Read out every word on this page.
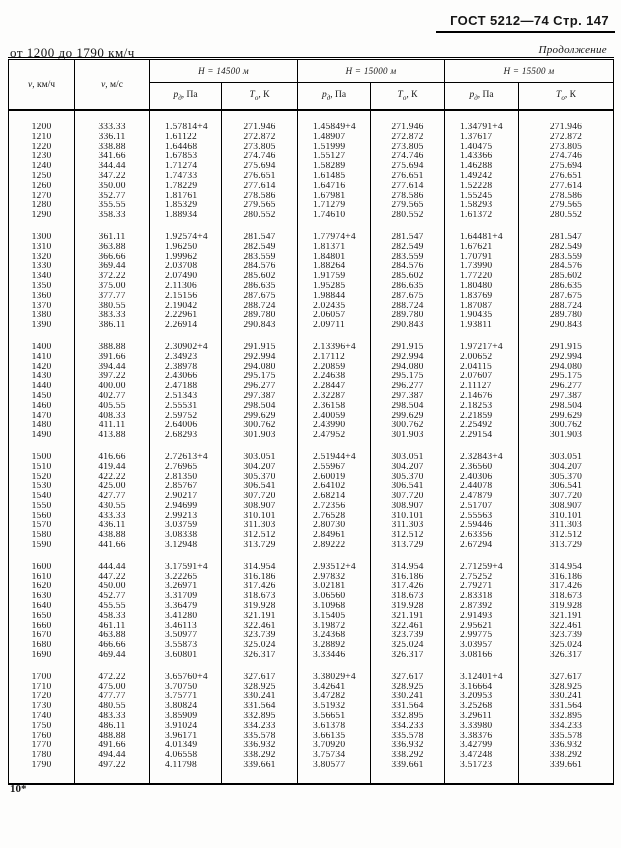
ГОСТ 5212—74 Стр. 147
Продолжение
от 1200 до 1790 км/ч
v, км/ч	v, м/с	Н = 14500 м		Н = 15000 м		Н = 15500 м	
		$p_д$, Па	$T_о$, К	$p_д$, Па	$T_о$, К	$p_д$, Па	$T_о$, К

1200	333.33	1.57814+4	271.946	1.45849+4	271.946	1.34791+4	271.946
1210	336.11	1.61122	272.872	1.48907	272.872	1.37617	272.872
1220	338.88	1.64468	273.805	1.51999	273.805	1.40475	273.805
1230	341.66	1.67853	274.746	1.55127	274.746	1.43366	274.746
1240	344.44	1.71274	275.694	1.58289	275.694	1.46288	275.694
1250	347.22	1.74733	276.651	1.61485	276.651	1.49242	276.651
1260	350.00	1.78229	277.614	1.64716	277.614	1.52228	277.614
1270	352.77	1.81761	278.586	1.67981	278.586	1.55245	278.586
1280	355.55	1.85329	279.565	1.71279	279.565	1.58293	279.565
1290	358.33	1.88934	280.552	1.74610	280.552	1.61372	280.552

1300	361.11	1.92574+4	281.547	1.77974+4	281.547	1.64481+4	281.547
1310	363.88	1.96250	282.549	1.81371	282.549	1.67621	282.549
1320	366.66	1.99962	283.559	1.84801	283.559	1.70791	283.559
1330	369.44	2.03708	284.576	1.88264	284.576	1.73990	284.576
1340	372.22	2.07490	285.602	1.91759	285.602	1.77220	285.602
1350	375.00	2.11306	286.635	1.95285	286.635	1.80480	286.635
1360	377.77	2.15156	287.675	1.98844	287.675	1.83769	287.675
1370	380.55	2.19042	288.724	2.02435	288.724	1.87087	288.724
1380	383.33	2.22961	289.780	2.06057	289.780	1.90435	289.780
1390	386.11	2.26914	290.843	2.09711	290.843	1.93811	290.843

1400	388.88	2.30902+4	291.915	2.13396+4	291.915	1.97217+4	291.915
1410	391.66	2.34923	292.994	2.17112	292.994	2.00652	292.994
1420	394.44	2.38978	294.080	2.20859	294.080	2.04115	294.080
1430	397.22	2.43066	295.175	2.24638	295.175	2.07607	295.175
1440	400.00	2.47188	296.277	2.28447	296.277	2.11127	296.277
1450	402.77	2.51343	297.387	2.32287	297.387	2.14676	297.387
1460	405.55	2.55531	298.504	2.36158	298.504	2.18253	298.504
1470	408.33	2.59752	299.629	2.40059	299.629	2.21859	299.629
1480	411.11	2.64006	300.762	2.43990	300.762	2.25492	300.762
1490	413.88	2.68293	301.903	2.47952	301.903	2.29154	301.903

1500	416.66	2.72613+4	303.051	2.51944+4	303.051	2.32843+4	303.051
1510	419.44	2.76965	304.207	2.55967	304.207	2.36560	304.207
1520	422.22	2.81350	305.370	2.60019	305.370	2.40306	305.370
1530	425.00	2.85767	306.541	2.64102	306.541	2.44078	306.541
1540	427.77	2.90217	307.720	2.68214	307.720	2.47879	307.720
1550	430.55	2.94699	308.907	2.72356	308.907	2.51707	308.907
1560	433.33	2.99213	310.101	2.76528	310.101	2.55563	310.101
1570	436.11	3.03759	311.303	2.80730	311.303	2.59446	311.303
1580	438.88	3.08338	312.512	2.84961	312.512	2.63356	312.512
1590	441.66	3.12948	313.729	2.89222	313.729	2.67294	313.729

1600	444.44	3.17591+4	314.954	2.93512+4	314.954	2.71259+4	314.954
1610	447.22	3.22265	316.186	2.97832	316.186	2.75252	316.186
1620	450.00	3.26971	317.426	3.02181	317.426	2.79271	317.426
1630	452.77	3.31709	318.673	3.06560	318.673	2.83318	318.673
1640	455.55	3.36479	319.928	3.10968	319.928	2.87392	319.928
1650	458.33	3.41280	321.191	3.15405	321.191	2.91493	321.191
1660	461.11	3.46113	322.461	3.19872	322.461	2.95621	322.461
1670	463.88	3.50977	323.739	3.24368	323.739	2.99775	323.739
1680	466.66	3.55873	325.024	3.28892	325.024	3.03957	325.024
1690	469.44	3.60801	326.317	3.33446	326.317	3.08166	326.317

1700	472.22	3.65760+4	327.617	3.38029+4	327.617	3.12401+4	327.617
1710	475.00	3.70750	328.925	3.42641	328.925	3.16664	328.925
1720	477.77	3.75771	330.241	3.47282	330.241	3.20953	330.241
1730	480.55	3.80824	331.564	3.51932	331.564	3.25268	331.564
1740	483.33	3.85909	332.895	3.56651	332.895	3.29611	332.895
1750	486.11	3.91024	334.233	3.61378	334.233	3.33980	334.233
1760	488.88	3.96171	335.578	3.66135	335.578	3.38376	335.578
1770	491.66	4.01349	336.932	3.70920	336.932	3.42799	336.932
1780	494.44	4.06558	338.292	3.75734	338.292	3.47248	338.292
1790	497.22	4.11798	339.661	3.80577	339.661	3.51723	339.661

10*
